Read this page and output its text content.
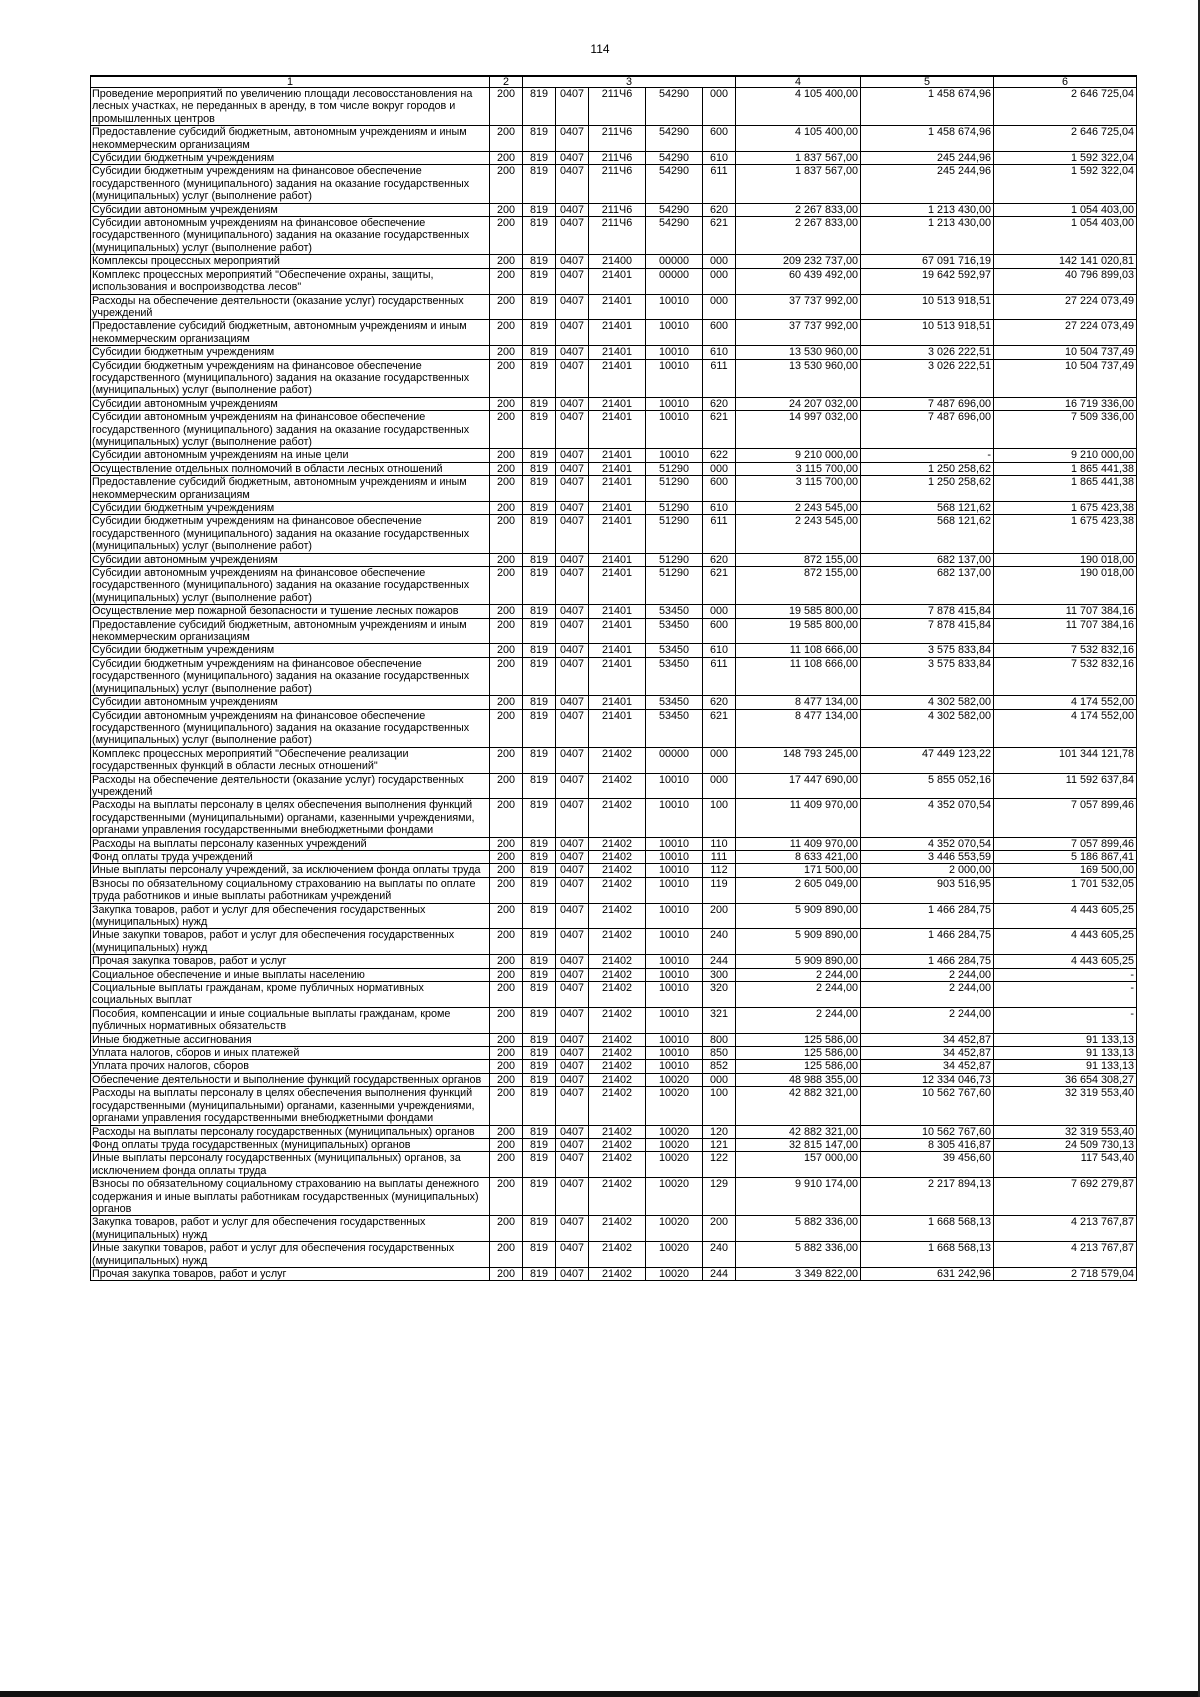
114
1	2	3					4	5	6
Проведение мероприятий по увеличению площади лесовосстановления на лесных участках, не переданных в аренду, в том числе вокруг городов и промышленных центров	200	819	0407	211Ч6	54290	000	4 105 400,00	1 458 674,96	2 646 725,04
Предоставление субсидий бюджетным, автономным учреждениям и иным некоммерческим организациям	200	819	0407	211Ч6	54290	600	4 105 400,00	1 458 674,96	2 646 725,04
Субсидии бюджетным учреждениям	200	819	0407	211Ч6	54290	610	1 837 567,00	245 244,96	1 592 322,04
Субсидии бюджетным учреждениям на финансовое обеспечение государственного (муниципального) задания на оказание государственных (муниципальных) услуг (выполнение работ)	200	819	0407	211Ч6	54290	611	1 837 567,00	245 244,96	1 592 322,04
Субсидии автономным учреждениям	200	819	0407	211Ч6	54290	620	2 267 833,00	1 213 430,00	1 054 403,00
Субсидии автономным учреждениям на финансовое обеспечение государственного (муниципального) задания на оказание государственных (муниципальных) услуг (выполнение работ)	200	819	0407	211Ч6	54290	621	2 267 833,00	1 213 430,00	1 054 403,00
Комплексы процессных мероприятий	200	819	0407	21400	00000	000	209 232 737,00	67 091 716,19	142 141 020,81
Комплекс процессных мероприятий "Обеспечение охраны, защиты, использования и воспроизводства лесов"	200	819	0407	21401	00000	000	60 439 492,00	19 642 592,97	40 796 899,03
Расходы на обеспечение деятельности (оказание услуг) государственных учреждений	200	819	0407	21401	10010	000	37 737 992,00	10 513 918,51	27 224 073,49
Предоставление субсидий бюджетным, автономным учреждениям и иным некоммерческим организациям	200	819	0407	21401	10010	600	37 737 992,00	10 513 918,51	27 224 073,49
Субсидии бюджетным учреждениям	200	819	0407	21401	10010	610	13 530 960,00	3 026 222,51	10 504 737,49
Субсидии бюджетным учреждениям на финансовое обеспечение государственного (муниципального) задания на оказание государственных (муниципальных) услуг (выполнение работ)	200	819	0407	21401	10010	611	13 530 960,00	3 026 222,51	10 504 737,49
Субсидии автономным учреждениям	200	819	0407	21401	10010	620	24 207 032,00	7 487 696,00	16 719 336,00
Субсидии автономным учреждениям на финансовое обеспечение государственного (муниципального) задания на оказание государственных (муниципальных) услуг (выполнение работ)	200	819	0407	21401	10010	621	14 997 032,00	7 487 696,00	7 509 336,00
Субсидии автономным учреждениям на иные цели	200	819	0407	21401	10010	622	9 210 000,00	-	9 210 000,00
Осуществление отдельных полномочий в области лесных отношений	200	819	0407	21401	51290	000	3 115 700,00	1 250 258,62	1 865 441,38
Предоставление субсидий бюджетным, автономным учреждениям и иным некоммерческим организациям	200	819	0407	21401	51290	600	3 115 700,00	1 250 258,62	1 865 441,38
Субсидии бюджетным учреждениям	200	819	0407	21401	51290	610	2 243 545,00	568 121,62	1 675 423,38
Субсидии бюджетным учреждениям на финансовое обеспечение государственного (муниципального) задания на оказание государственных (муниципальных) услуг (выполнение работ)	200	819	0407	21401	51290	611	2 243 545,00	568 121,62	1 675 423,38
Субсидии автономным учреждениям	200	819	0407	21401	51290	620	872 155,00	682 137,00	190 018,00
Субсидии автономным учреждениям на финансовое обеспечение государственного (муниципального) задания на оказание государственных (муниципальных) услуг (выполнение работ)	200	819	0407	21401	51290	621	872 155,00	682 137,00	190 018,00
Осуществление мер пожарной безопасности и тушение лесных пожаров	200	819	0407	21401	53450	000	19 585 800,00	7 878 415,84	11 707 384,16
Предоставление субсидий бюджетным, автономным учреждениям и иным некоммерческим организациям	200	819	0407	21401	53450	600	19 585 800,00	7 878 415,84	11 707 384,16
Субсидии бюджетным учреждениям	200	819	0407	21401	53450	610	11 108 666,00	3 575 833,84	7 532 832,16
Субсидии бюджетным учреждениям на финансовое обеспечение государственного (муниципального) задания на оказание государственных (муниципальных) услуг (выполнение работ)	200	819	0407	21401	53450	611	11 108 666,00	3 575 833,84	7 532 832,16
Субсидии автономным учреждениям	200	819	0407	21401	53450	620	8 477 134,00	4 302 582,00	4 174 552,00
Субсидии автономным учреждениям на финансовое обеспечение государственного (муниципального) задания на оказание государственных (муниципальных) услуг (выполнение работ)	200	819	0407	21401	53450	621	8 477 134,00	4 302 582,00	4 174 552,00
Комплекс процессных мероприятий "Обеспечение реализации государственных функций в области лесных отношений"	200	819	0407	21402	00000	000	148 793 245,00	47 449 123,22	101 344 121,78
Расходы на обеспечение деятельности (оказание услуг) государственных учреждений	200	819	0407	21402	10010	000	17 447 690,00	5 855 052,16	11 592 637,84
Расходы на выплаты персоналу в целях обеспечения выполнения функций государственными (муниципальными) органами, казенными учреждениями, органами управления государственными внебюджетными фондами	200	819	0407	21402	10010	100	11 409 970,00	4 352 070,54	7 057 899,46
Расходы на выплаты персоналу казенных учреждений	200	819	0407	21402	10010	110	11 409 970,00	4 352 070,54	7 057 899,46
Фонд оплаты труда учреждений	200	819	0407	21402	10010	111	8 633 421,00	3 446 553,59	5 186 867,41
Иные выплаты персоналу учреждений, за исключением фонда оплаты труда	200	819	0407	21402	10010	112	171 500,00	2 000,00	169 500,00
Взносы по обязательному социальному страхованию на выплаты по оплате труда работников и иные выплаты работникам учреждений	200	819	0407	21402	10010	119	2 605 049,00	903 516,95	1 701 532,05
Закупка товаров, работ и услуг для обеспечения государственных (муниципальных) нужд	200	819	0407	21402	10010	200	5 909 890,00	1 466 284,75	4 443 605,25
Иные закупки товаров, работ и услуг для обеспечения государственных (муниципальных) нужд	200	819	0407	21402	10010	240	5 909 890,00	1 466 284,75	4 443 605,25
Прочая закупка товаров, работ и услуг	200	819	0407	21402	10010	244	5 909 890,00	1 466 284,75	4 443 605,25
Социальное обеспечение и иные выплаты населению	200	819	0407	21402	10010	300	2 244,00	2 244,00	-
Социальные выплаты гражданам, кроме публичных нормативных социальных выплат	200	819	0407	21402	10010	320	2 244,00	2 244,00	-
Пособия, компенсации и иные социальные выплаты гражданам, кроме публичных нормативных обязательств	200	819	0407	21402	10010	321	2 244,00	2 244,00	-
Иные бюджетные ассигнования	200	819	0407	21402	10010	800	125 586,00	34 452,87	91 133,13
Уплата налогов, сборов и иных платежей	200	819	0407	21402	10010	850	125 586,00	34 452,87	91 133,13
Уплата прочих налогов, сборов	200	819	0407	21402	10010	852	125 586,00	34 452,87	91 133,13
Обеспечение деятельности и выполнение функций государственных органов	200	819	0407	21402	10020	000	48 988 355,00	12 334 046,73	36 654 308,27
Расходы на выплаты персоналу в целях обеспечения выполнения функций государственными (муниципальными) органами, казенными учреждениями, органами управления государственными внебюджетными фондами	200	819	0407	21402	10020	100	42 882 321,00	10 562 767,60	32 319 553,40
Расходы на выплаты персоналу государственных (муниципальных) органов	200	819	0407	21402	10020	120	42 882 321,00	10 562 767,60	32 319 553,40
Фонд оплаты труда государственных (муниципальных) органов	200	819	0407	21402	10020	121	32 815 147,00	8 305 416,87	24 509 730,13
Иные выплаты персоналу государственных (муниципальных) органов, за исключением фонда оплаты труда	200	819	0407	21402	10020	122	157 000,00	39 456,60	117 543,40
Взносы по обязательному социальному страхованию на выплаты денежного содержания и иные выплаты работникам государственных (муниципальных) органов	200	819	0407	21402	10020	129	9 910 174,00	2 217 894,13	7 692 279,87
Закупка товаров, работ и услуг для обеспечения государственных (муниципальных) нужд	200	819	0407	21402	10020	200	5 882 336,00	1 668 568,13	4 213 767,87
Иные закупки товаров, работ и услуг для обеспечения государственных (муниципальных) нужд	200	819	0407	21402	10020	240	5 882 336,00	1 668 568,13	4 213 767,87
Прочая закупка товаров, работ и услуг	200	819	0407	21402	10020	244	3 349 822,00	631 242,96	2 718 579,04
